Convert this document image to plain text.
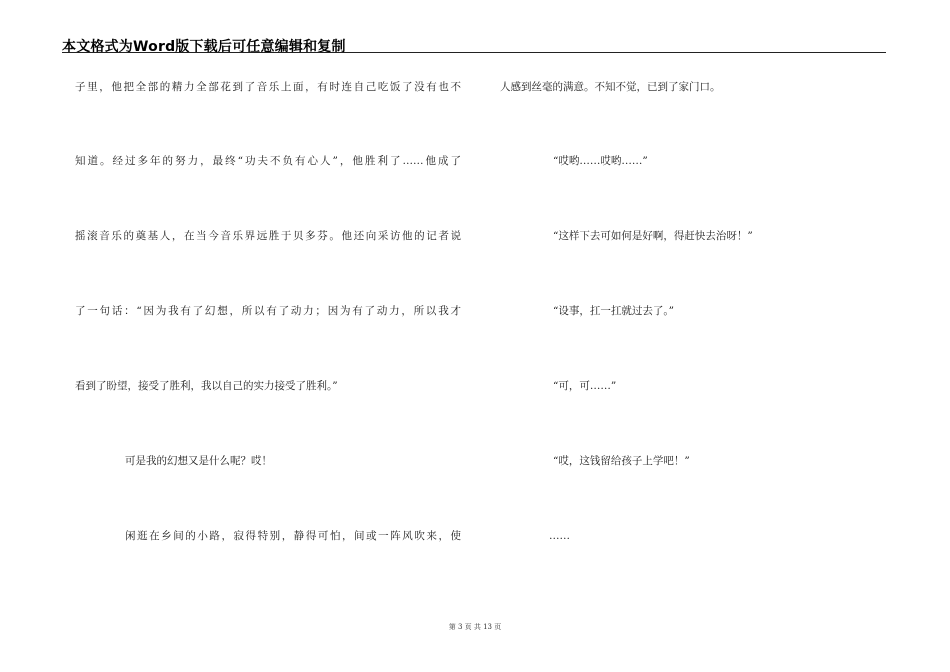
本文格式为Word版下载后可任意编辑和复制
子里，他把全部的精力全部花到了音乐上面，有时连自己吃饭了没有也不
知道。经过多年的努力，最终“功夫不负有心人”，他胜利了……他成了
摇滚音乐的奠基人，在当今音乐界远胜于贝多芬。他还向采访他的记者说
了一句话：“因为我有了幻想，所以有了动力；因为有了动力，所以我才
看到了盼望，接受了胜利，我以自己的实力接受了胜利。”
可是我的幻想又是什么呢？哎！
闲逛在乡间的小路，寂得特别，静得可怕，间或一阵风吹来，使
人感到丝毫的满意。不知不觉，已到了家门口。
“哎哟……哎哟……”
“这样下去可如何是好啊，得赶快去治呀！”
“设事，扛一扛就过去了。”
“可，可……”
“哎，这钱留给孩子上学吧！”
……
第 3 页 共 13 页
